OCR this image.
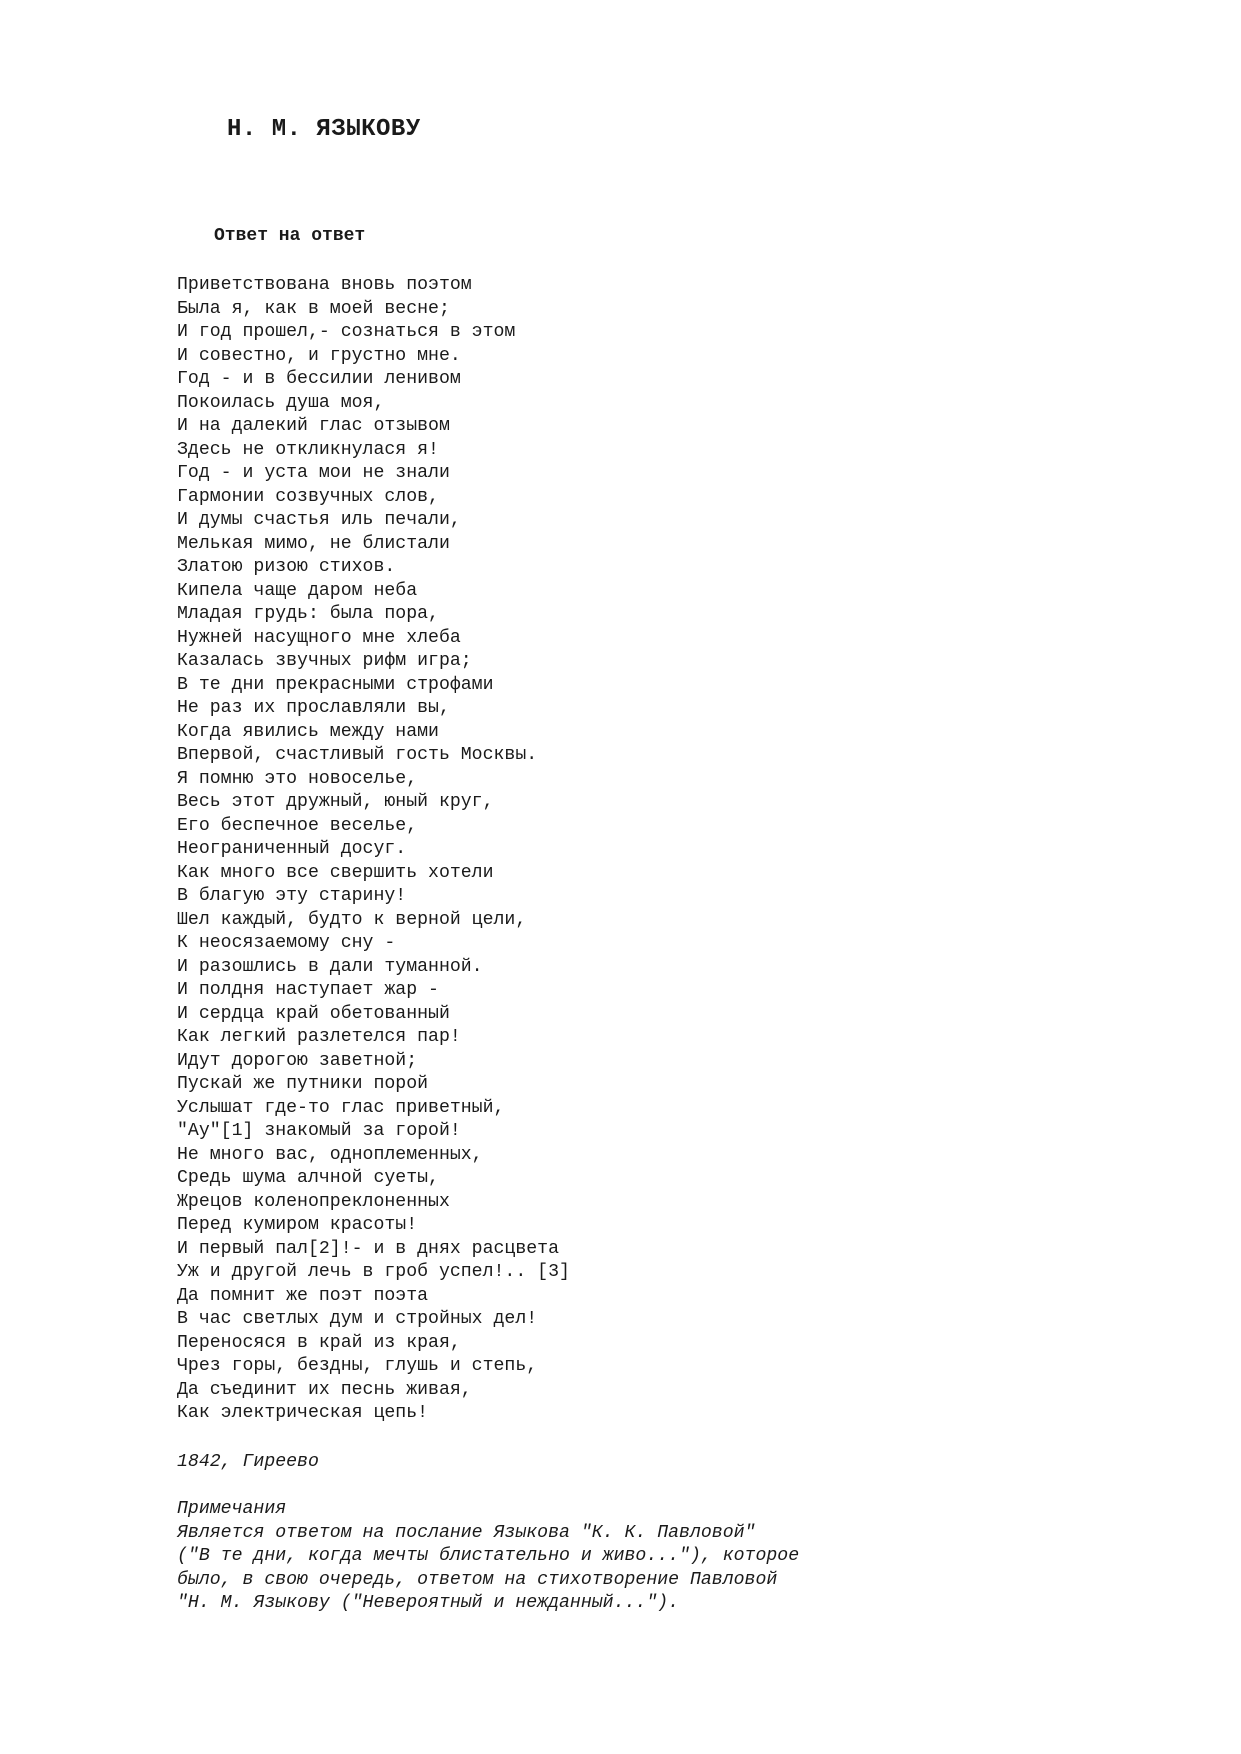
Н. М. ЯЗЫКОВУ
Ответ на ответ
Приветствована вновь поэтом
Была я, как в моей весне;
И год прошел,- сознаться в этом
И совестно, и грустно мне.
Год - и в бессилии ленивом
Покоилась душа моя,
И на далекий глас отзывом
Здесь не откликнулася я!
Год - и уста мои не знали
Гармонии созвучных слов,
И думы счастья иль печали,
Мелькая мимо, не блистали
Златою ризою стихов.
Кипела чаще даром неба
Младая грудь: была пора,
Нужней насущного мне хлеба
Казалась звучных рифм игра;
В те дни прекрасными строфами
Не раз их прославляли вы,
Когда явились между нами
Впервой, счастливый гость Москвы.
Я помню это новоселье,
Весь этот дружный, юный круг,
Его беспечное веселье,
Неограниченный досуг.
Как много все свершить хотели
В благую эту старину!
Шел каждый, будто к верной цели,
К неосязаемому сну -
И разошлись в дали туманной.
И полдня наступает жар -
И сердца край обетованный
Как легкий разлетелся пар!
Идут дорогою заветной;
Пускай же путники порой
Услышат где-то глас приветный,
"Ау"[1] знакомый за горой!
Не много вас, одноплеменных,
Средь шума алчной суеты,
Жрецов коленопреклоненных
Перед кумиром красоты!
И первый пал[2]!- и в днях расцвета
Уж и другой лечь в гроб успел!.. [3]
Да помнит же поэт поэта
В час светлых дум и стройных дел!
Переносяся в край из края,
Чрез горы, бездны, глушь и степь,
Да съединит их песнь живая,
Как электрическая цепь!

1842, Гиреево

Примечания
Является ответом на послание Языкова "К. К. Павловой"
("В те дни, когда мечты блистательно и живо..."), которое
было, в свою очередь, ответом на стихотворение Павловой
"Н. М. Языкову ("Невероятный и нежданный...").
